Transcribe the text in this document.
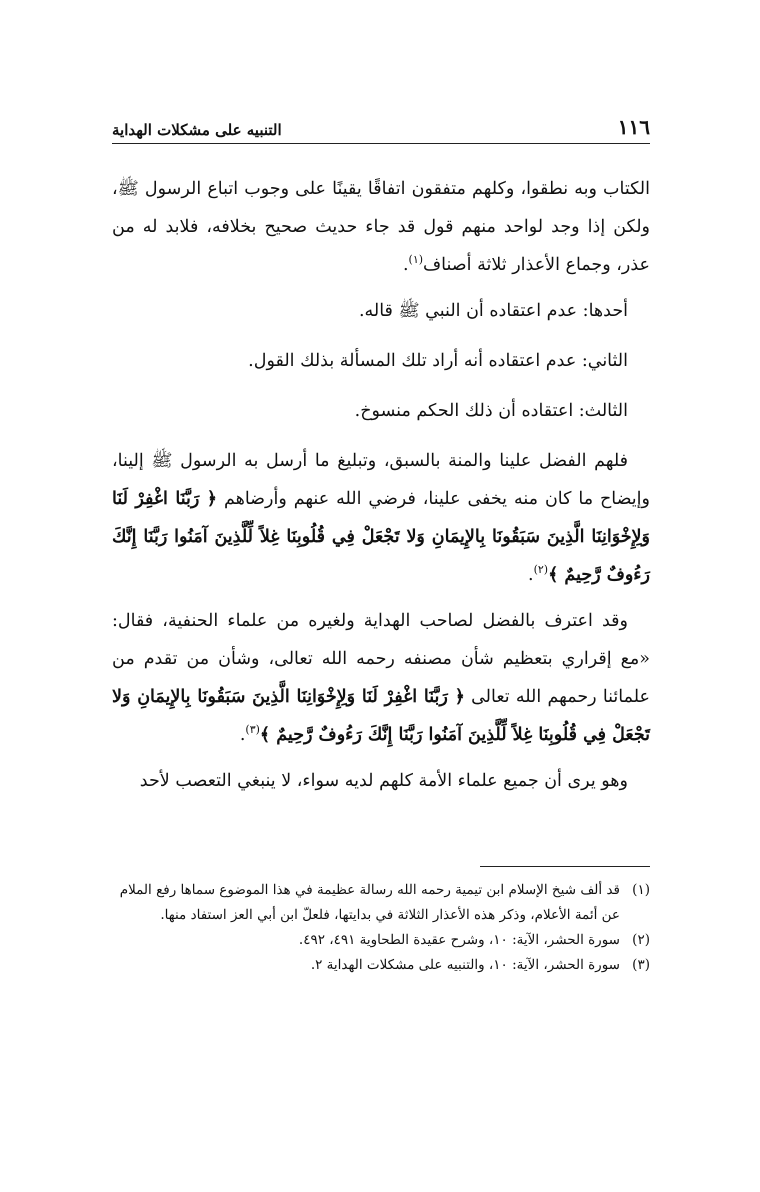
١١٦
التنبيه على مشكلات الهداية

الكتاب وبه نطقوا، وكلهم متفقون اتفاقًا يقينًا على وجوب اتباع الرسول ﷺ، ولكن إذا وجد لواحد منهم قول قد جاء حديث صحيح بخلافه، فلابد له من عذر، وجماع الأعذار ثلاثة أصناف$^{(١)}$.

أحدها: عدم اعتقاده أن النبي ﷺ قاله.

الثاني: عدم اعتقاده أنه أراد تلك المسألة بذلك القول.

الثالث: اعتقاده أن ذلك الحكم منسوخ.

فلهم الفضل علينا والمنة بالسبق، وتبليغ ما أرسل به الرسول ﷺ إلينا، وإيضاح ما كان منه يخفى علينا، فرضي الله عنهم وأرضاهم ﴿ رَبَّنَا اغْفِرْ لَنَا وَلِإِخْوَانِنَا الَّذِينَ سَبَقُونَا بِالإِيمَانِ وَلا تَجْعَلْ فِي قُلُوبِنَا غِلاً لِّلَّذِينَ آمَنُوا رَبَّنَا إِنَّكَ رَءُوفٌ رَّحِيمٌ ﴾$^{(٢)}$.

وقد اعترف بالفضل لصاحب الهداية ولغيره من علماء الحنفية، فقال: «مع إقراري بتعظيم شأن مصنفه رحمه الله تعالى، وشأن من تقدم من علمائنا رحمهم الله تعالى ﴿ رَبَّنَا اغْفِرْ لَنَا وَلِإِخْوَانِنَا الَّذِينَ سَبَقُونَا بِالإِيمَانِ وَلا تَجْعَلْ فِي قُلُوبِنَا غِلاً لِّلَّذِينَ آمَنُوا رَبَّنَا إِنَّكَ رَءُوفٌ رَّحِيمٌ ﴾$^{(٣)}$.

وهو يرى أن جميع علماء الأمة كلهم لديه سواء، لا ينبغي التعصب لأحد

(١)قد ألف شيخ الإسلام ابن تيمية رحمه الله رسالة عظيمة في هذا الموضوع سماها رفع الملام

عن أئمة الأعلام، وذكر هذه الأعذار الثلاثة في بدايتها، فلعلّ ابن أبي العز استفاد منها.

(٢)سورة الحشر، الآية: ١٠، وشرح عقيدة الطحاوية ٤٩١، ٤٩٢.

(٣)سورة الحشر، الآية: ١٠، والتنبيه على مشكلات الهداية ٢.
